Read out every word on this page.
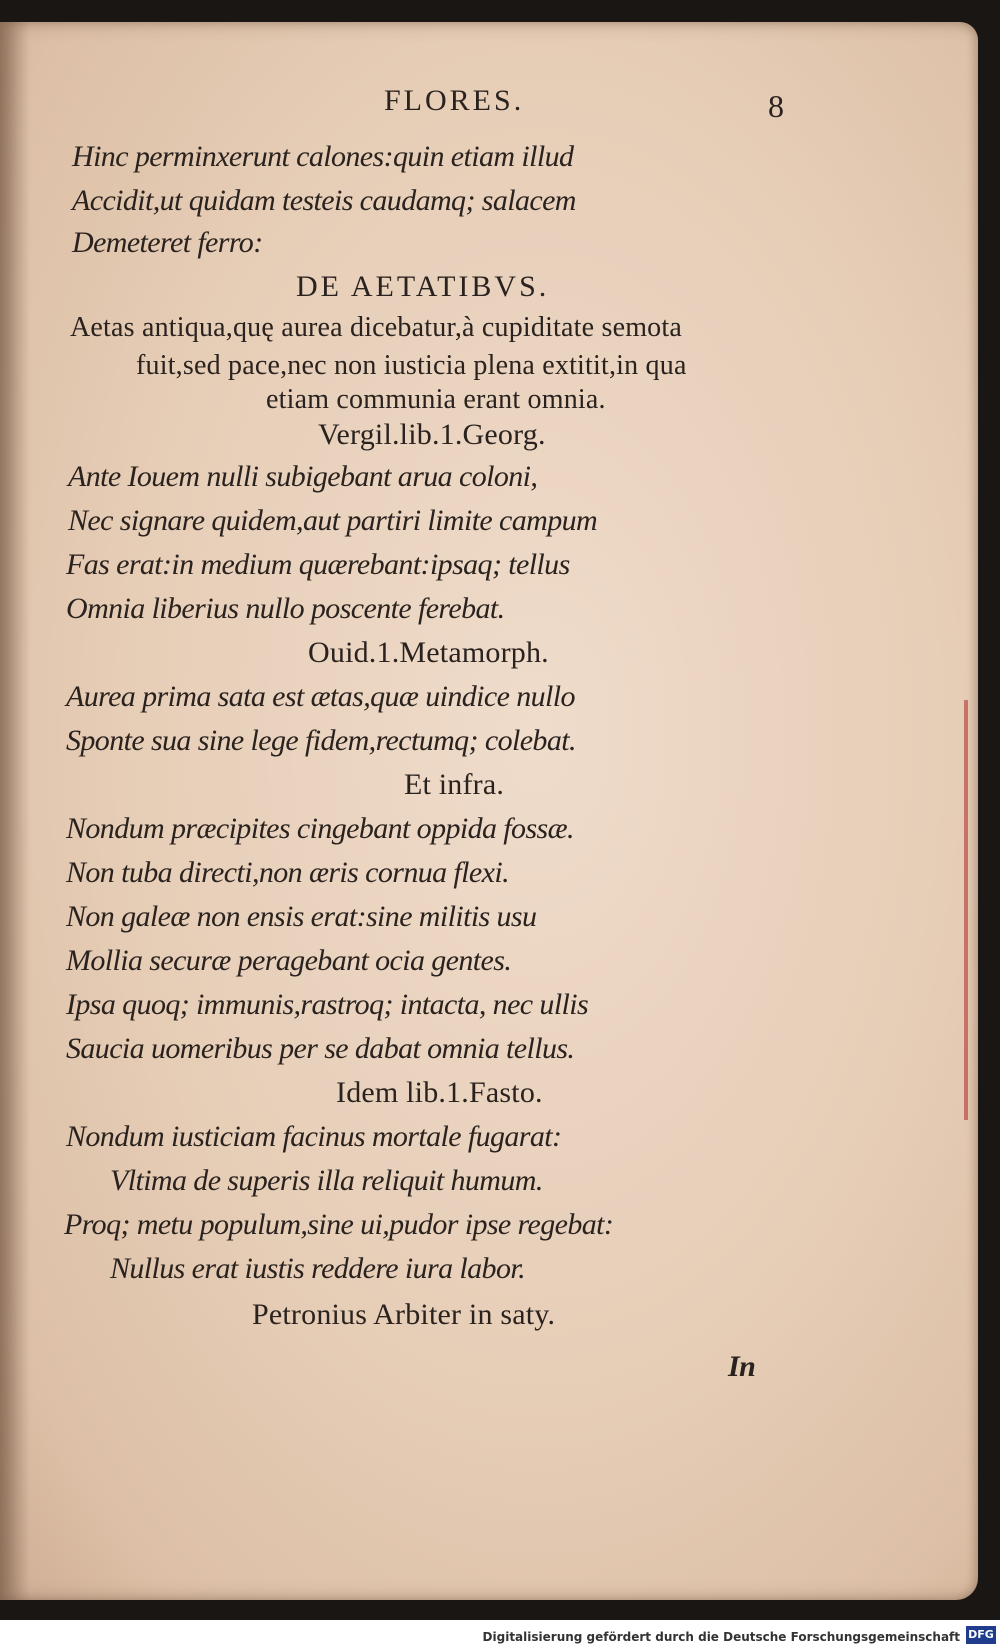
FLORES.	8

Hinc perminxerunt calones:quin etiam illud

Accidit,ut quidam testeis caudamq; salacem

Demeteret ferro:

DE AETATIBVS.

Aetas antiqua,quę aurea dicebatur,à cupiditate semota

fuit,sed pace,nec non iusticia plena extitit,in qua

etiam communia erant omnia.

Vergil.lib.1.Georg.

Ante Iouem nulli subigebant arua coloni,

Nec signare quidem,aut partiri limite campum

Fas erat:in medium quærebant:ipsaq; tellus

Omnia liberius nullo poscente ferebat.

Ouid.1.Metamorph.

Aurea prima sata est ætas,quæ uindice nullo

Sponte sua sine lege fidem,rectumq; colebat.

Et infra.

Nondum præcipites cingebant oppida fossæ.

Non tuba directi,non æris cornua flexi.

Non galeæ non ensis erat:sine militis usu

Mollia securæ peragebant ocia gentes.

Ipsa quoq; immunis,rastroq; intacta, nec ullis

Saucia uomeribus per se dabat omnia tellus.

Idem lib.1.Fasto.

Nondum iusticiam facinus mortale fugarat:

Vltima de superis illa reliquit humum.

Proq; metu populum,sine ui,pudor ipse regebat:

Nullus erat iustis reddere iura labor.

Petronius Arbiter in saty.

In

Digitalisierung gefördert durch die Deutsche Forschungsgemeinschaft DFG
